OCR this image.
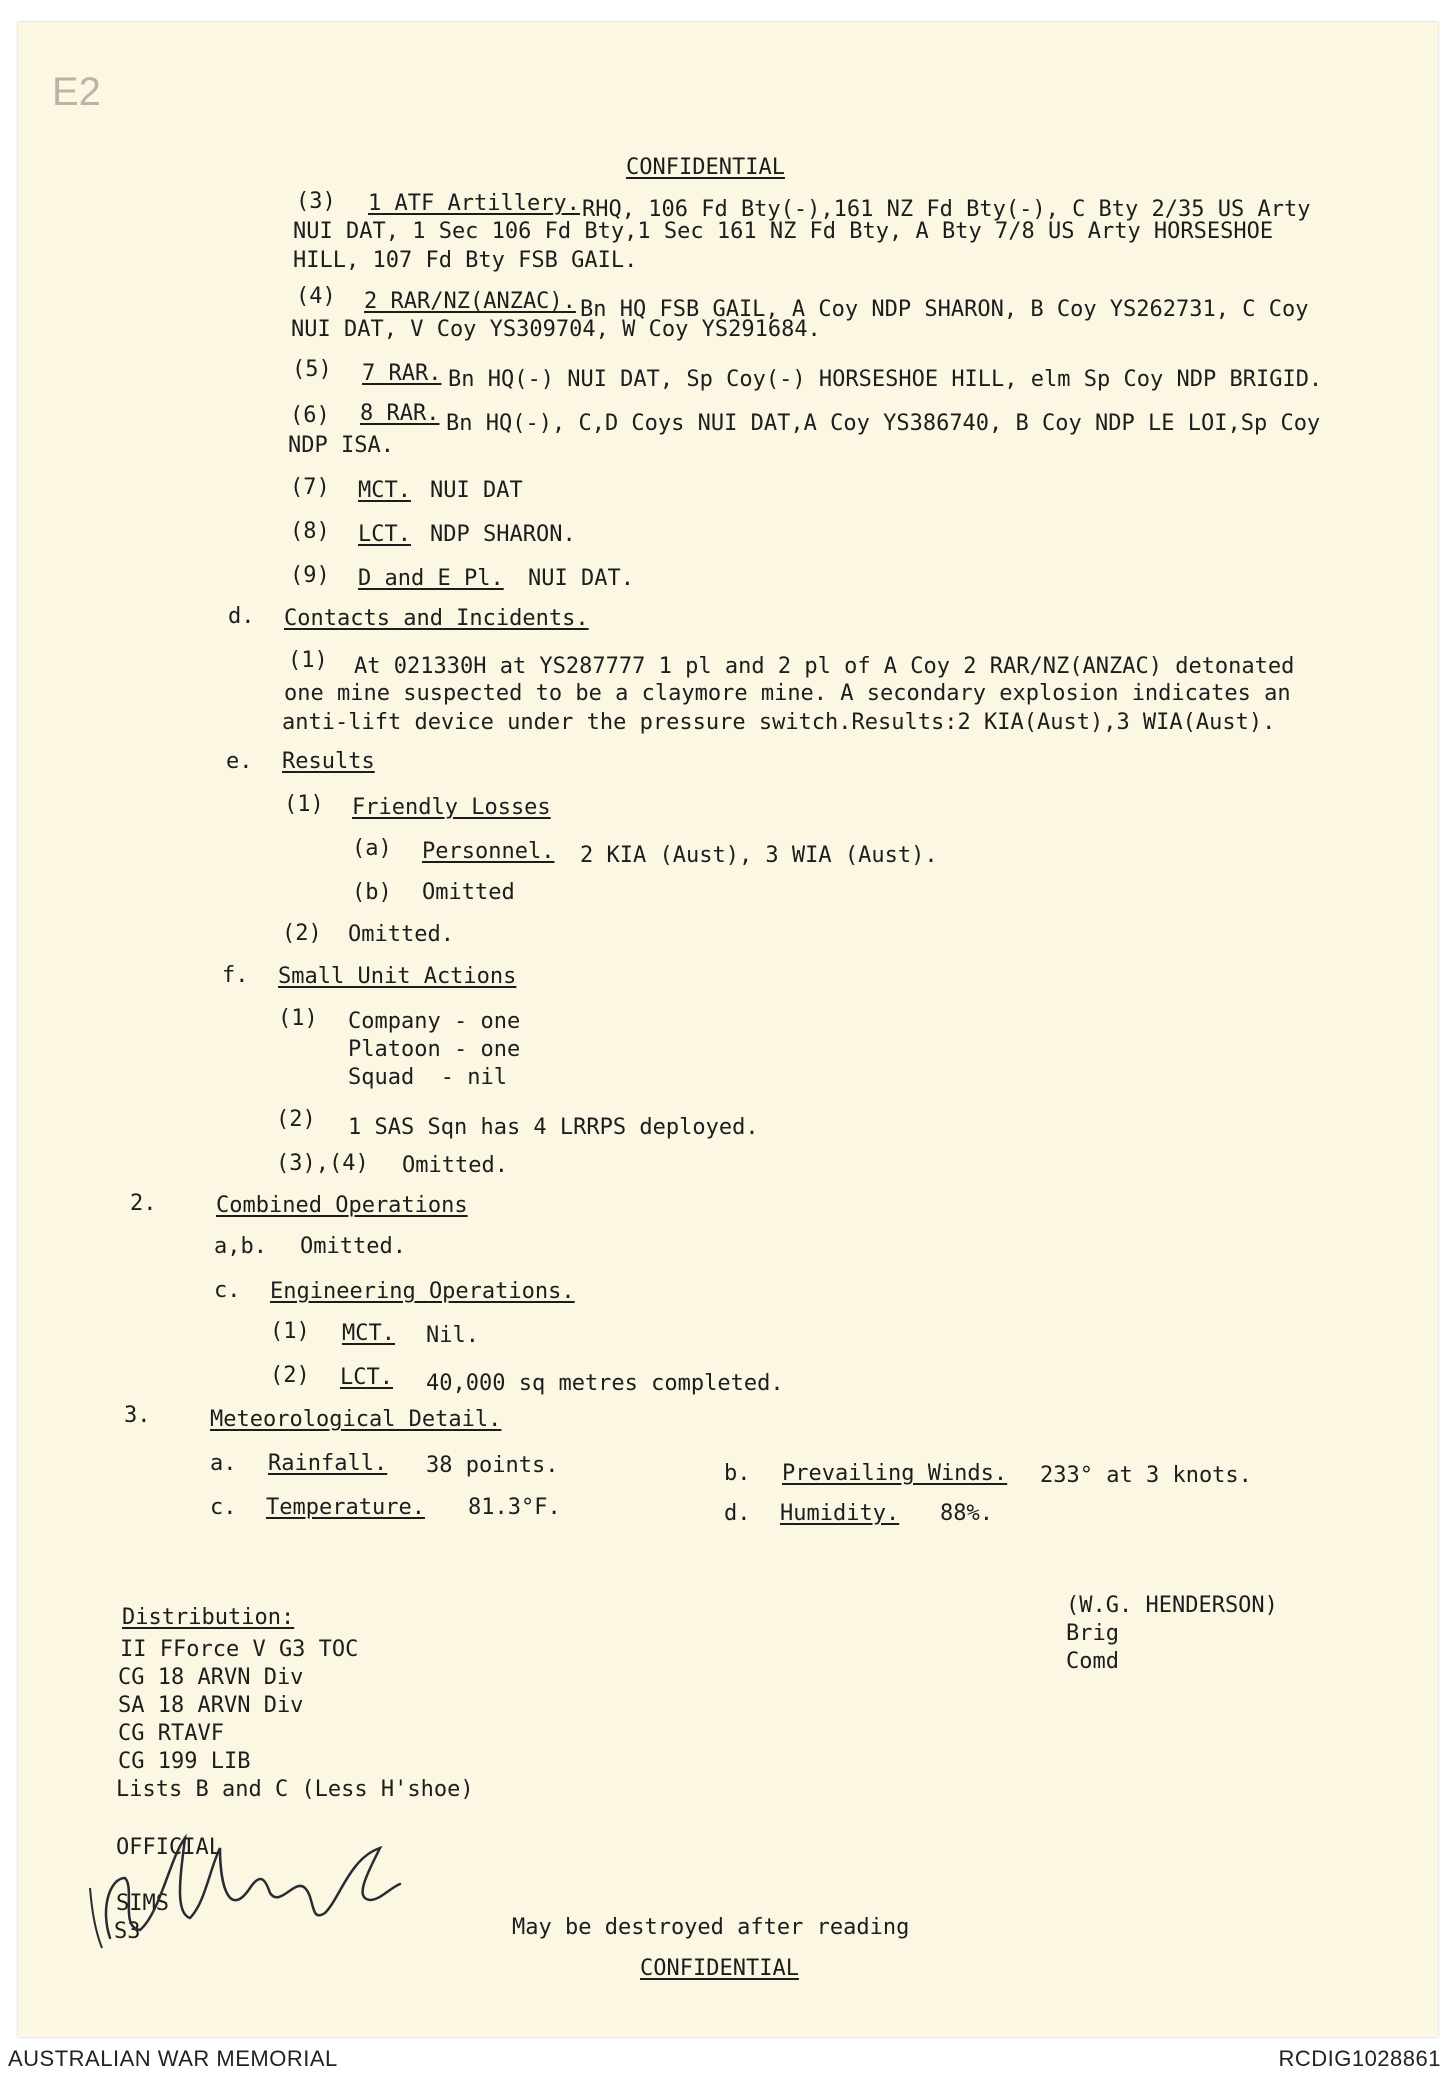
E2
CONFIDENTIAL
(3) 1 ATF Artillery. RHQ, 106 Fd Bty(-),161 NZ Fd Bty(-), C Bty 2/35 US Arty
NUI DAT, 1 Sec 106 Fd Bty,1 Sec 161 NZ Fd Bty, A Bty 7/8 US Arty HORSESHOE
HILL, 107 Fd Bty FSB GAIL.
(4) 2 RAR/NZ(ANZAC). Bn HQ FSB GAIL, A Coy NDP SHARON, B Coy YS262731, C Coy
NUI DAT, V Coy YS309704, W Coy YS291684.
(5) 7 RAR. Bn HQ(-) NUI DAT, Sp Coy(-) HORSESHOE HILL, elm Sp Coy NDP BRIGID.
(6) 8 RAR. Bn HQ(-), C,D Coys NUI DAT,A Coy YS386740, B Coy NDP LE LOI,Sp Coy
NDP ISA.
(7) MCT. NUI DAT
(8) LCT. NDP SHARON.
(9) D and E Pl. NUI DAT.
d. Contacts and Incidents.
(1) At 021330H at YS287777 1 pl and 2 pl of A Coy 2 RAR/NZ(ANZAC) detonated
one mine suspected to be a claymore mine. A secondary explosion indicates an
anti-lift device under the pressure switch.Results:2 KIA(Aust),3 WIA(Aust).
e. Results
(1) Friendly Losses
(a) Personnel. 2 KIA (Aust), 3 WIA (Aust).
(b) Omitted
(2) Omitted.
f. Small Unit Actions
(1) Company - one
Platoon - one
Squad  - nil
(2) 1 SAS Sqn has 4 LRRPS deployed.
(3),(4) Omitted.
2.	Combined Operations
a,b. Omitted.
c. Engineering Operations.
(1) MCT. Nil.
(2) LCT. 40,000 sq metres completed.
3.	Meteorological Detail.
a. Rainfall. 38 points.	b. Prevailing Winds. 233° at 3 knots.
c. Temperature. 81.3°F.	d. Humidity. 88%.
(W.G. HENDERSON)
Brig
Comd
Distribution:
II FForce V G3 TOC
CG 18 ARVN Div
SA 18 ARVN Div
CG RTAVF
CG 199 LIB
Lists B and C (Less H'shoe)
OFFICIAL
SIMS
S3	May be destroyed after reading
CONFIDENTIAL
AUSTRALIAN WAR MEMORIAL	RCDIG1028861
